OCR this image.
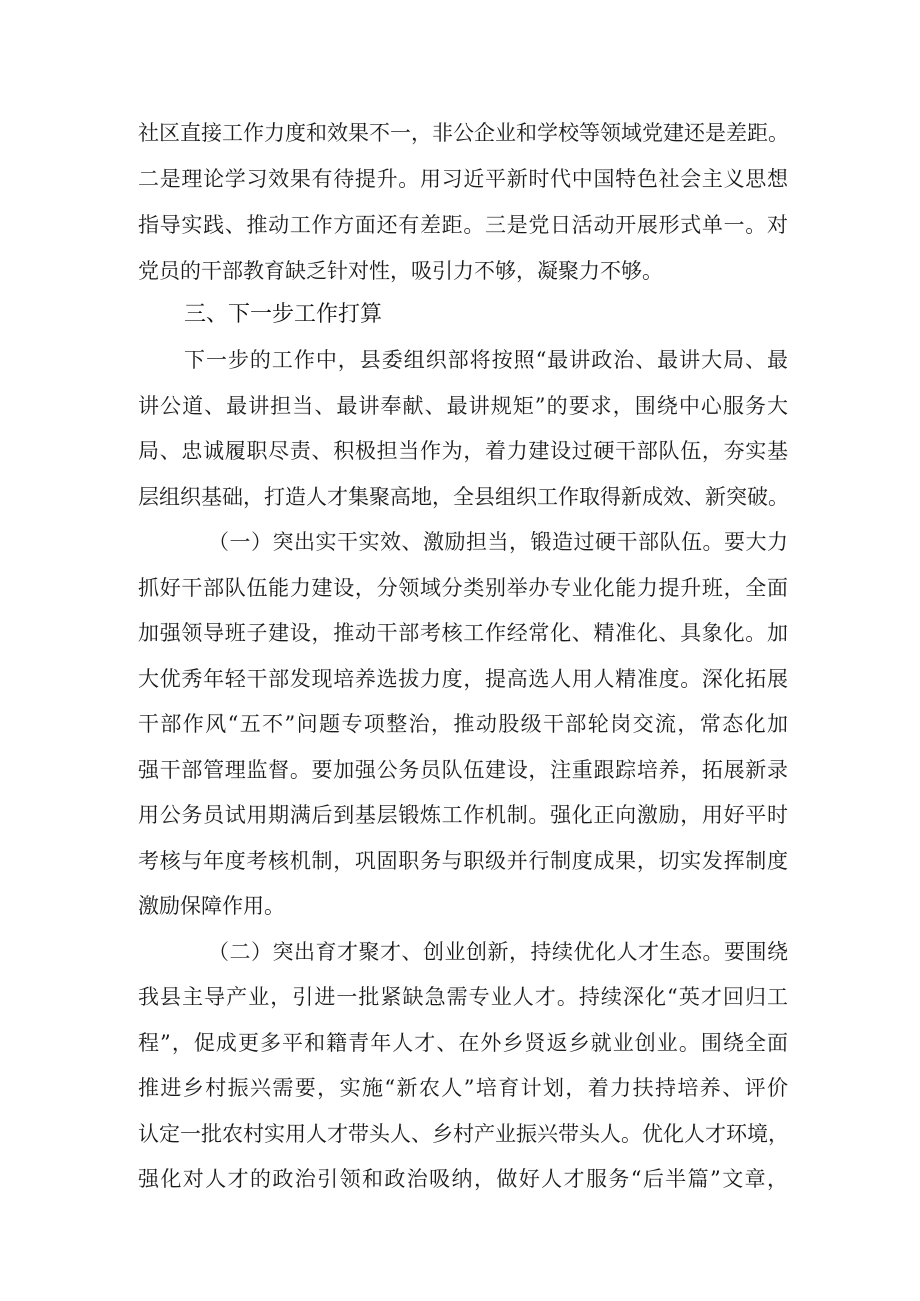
社区直接工作力度和效果不一，非公企业和学校等领域党建还是差距。
二是理论学习效果有待提升。用习近平新时代中国特色社会主义思想
指导实践、推动工作方面还有差距。三是党日活动开展形式单一。对
党员的干部教育缺乏针对性，吸引力不够，凝聚力不够。
三、下一步工作打算
下一步的工作中，县委组织部将按照“最讲政治、最讲大局、最
讲公道、最讲担当、最讲奉献、最讲规矩”的要求，围绕中心服务大
局、忠诚履职尽责、积极担当作为，着力建设过硬干部队伍，夯实基
层组织基础，打造人才集聚高地，全县组织工作取得新成效、新突破。
（一）突出实干实效、激励担当，锻造过硬干部队伍。要大力
抓好干部队伍能力建设，分领域分类别举办专业化能力提升班，全面
加强领导班子建设，推动干部考核工作经常化、精准化、具象化。加
大优秀年轻干部发现培养选拔力度，提高选人用人精准度。深化拓展
干部作风“五不”问题专项整治，推动股级干部轮岗交流，常态化加
强干部管理监督。要加强公务员队伍建设，注重跟踪培养，拓展新录
用公务员试用期满后到基层锻炼工作机制。强化正向激励，用好平时
考核与年度考核机制，巩固职务与职级并行制度成果，切实发挥制度
激励保障作用。
（二）突出育才聚才、创业创新，持续优化人才生态。要围绕
我县主导产业，引进一批紧缺急需专业人才。持续深化“英才回归工
程”，促成更多平和籍青年人才、在外乡贤返乡就业创业。围绕全面
推进乡村振兴需要，实施“新农人”培育计划，着力扶持培养、评价
认定一批农村实用人才带头人、乡村产业振兴带头人。优化人才环境，
强化对人才的政治引领和政治吸纳，做好人才服务“后半篇”文章，
